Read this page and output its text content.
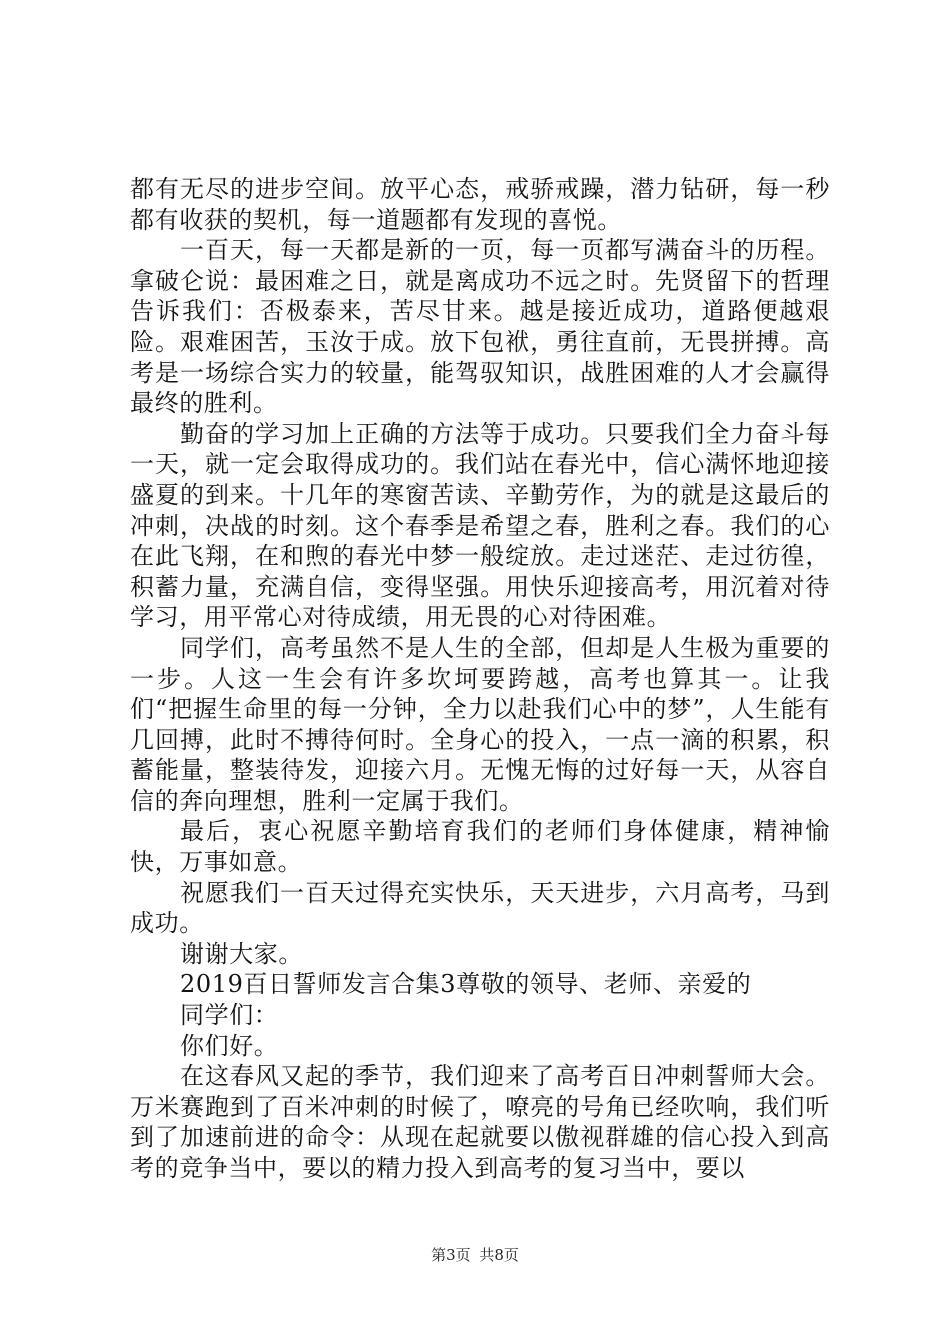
都有无尽的进步空间。放平心态，戒骄戒躁，潜力钻研，每一秒都有收获的契机，每一道题都有发现的喜悦。

一百天，每一天都是新的一页，每一页都写满奋斗的历程。拿破仑说：最困难之日，就是离成功不远之时。先贤留下的哲理告诉我们：否极泰来，苦尽甘来。越是接近成功，道路便越艰险。艰难困苦，玉汝于成。放下包袱，勇往直前，无畏拼搏。高考是一场综合实力的较量，能驾驭知识，战胜困难的人才会赢得最终的胜利。

勤奋的学习加上正确的方法等于成功。只要我们全力奋斗每一天，就一定会取得成功的。我们站在春光中，信心满怀地迎接盛夏的到来。十几年的寒窗苦读、辛勤劳作，为的就是这最后的冲刺，决战的时刻。这个春季是希望之春，胜利之春。我们的心在此飞翔，在和煦的春光中梦一般绽放。走过迷茫、走过彷徨，积蓄力量，充满自信，变得坚强。用快乐迎接高考，用沉着对待学习，用平常心对待成绩，用无畏的心对待困难。

同学们，高考虽然不是人生的全部，但却是人生极为重要的一步。人这一生会有许多坎坷要跨越，高考也算其一。让我们“把握生命里的每一分钟，全力以赴我们心中的梦”，人生能有几回搏，此时不搏待何时。全身心的投入，一点一滴的积累，积蓄能量，整装待发，迎接六月。无愧无悔的过好每一天，从容自信的奔向理想，胜利一定属于我们。

最后，衷心祝愿辛勤培育我们的老师们身体健康，精神愉快，万事如意。

祝愿我们一百天过得充实快乐，天天进步，六月高考，马到成功。

谢谢大家。

2019百日誓师发言合集3尊敬的领导、老师、亲爱的

同学们：

你们好。

在这春风又起的季节，我们迎来了高考百日冲刺誓师大会。万米赛跑到了百米冲刺的时候了，嘹亮的号角已经吹响，我们听到了加速前进的命令：从现在起就要以傲视群雄的信心投入到高考的竞争当中，要以的精力投入到高考的复习当中，要以

第3页 共8页
